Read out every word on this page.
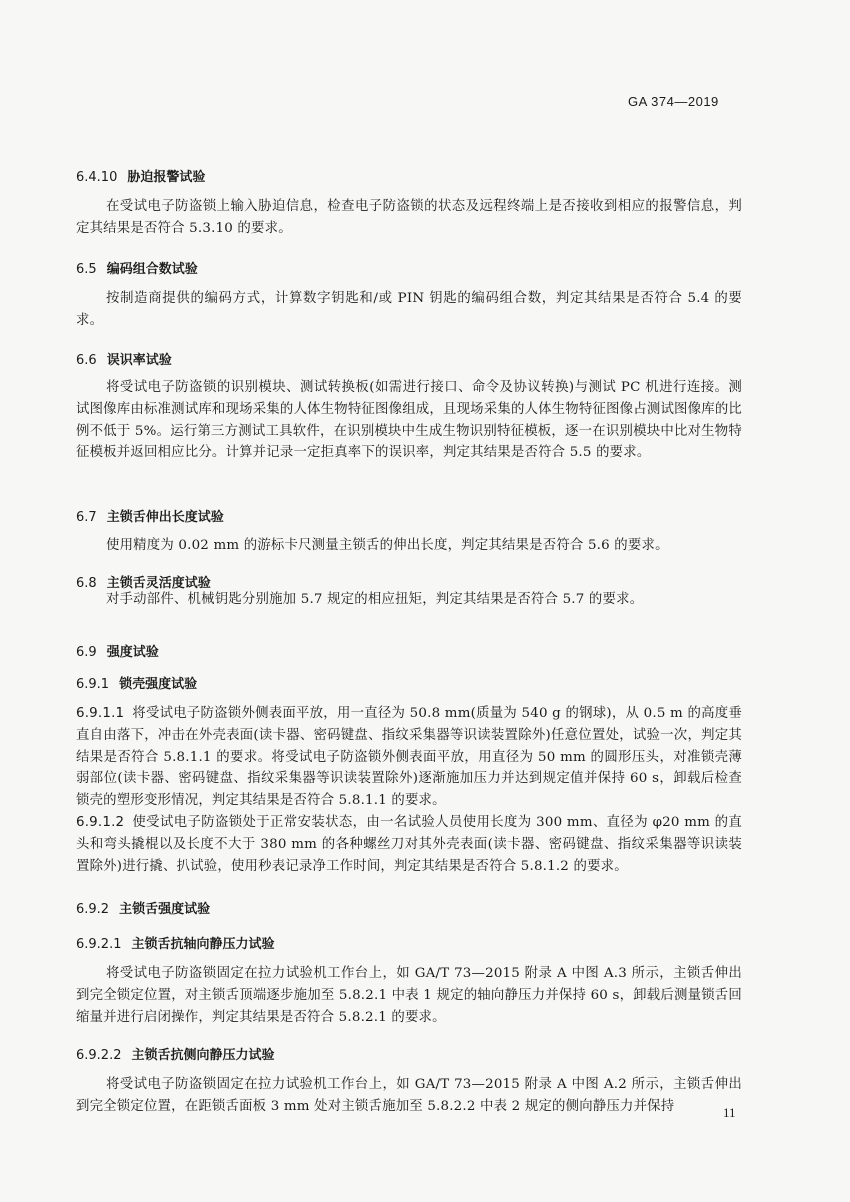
GA 374—2019
6.4.10 胁迫报警试验
在受试电子防盗锁上输入胁迫信息，检查电子防盗锁的状态及远程终端上是否接收到相应的报警信息，判定其结果是否符合 5.3.10 的要求。
6.5 编码组合数试验
按制造商提供的编码方式，计算数字钥匙和/或 PIN 钥匙的编码组合数，判定其结果是否符合 5.4 的要求。
6.6 误识率试验
将受试电子防盗锁的识别模块、测试转换板(如需进行接口、命令及协议转换)与测试 PC 机进行连接。测试图像库由标准测试库和现场采集的人体生物特征图像组成，且现场采集的人体生物特征图像占测试图像库的比例不低于 5%。运行第三方测试工具软件，在识别模块中生成生物识别特征模板，逐一在识别模块中比对生物特征模板并返回相应比分。计算并记录一定拒真率下的误识率，判定其结果是否符合 5.5 的要求。
6.7 主锁舌伸出长度试验
使用精度为 0.02 mm 的游标卡尺测量主锁舌的伸出长度，判定其结果是否符合 5.6 的要求。
6.8 主锁舌灵活度试验
对手动部件、机械钥匙分别施加 5.7 规定的相应扭矩，判定其结果是否符合 5.7 的要求。
6.9 强度试验
6.9.1 锁壳强度试验
6.9.1.1 将受试电子防盗锁外侧表面平放，用一直径为 50.8 mm(质量为 540 g 的钢球)，从 0.5 m 的高度垂直自由落下，冲击在外壳表面(读卡器、密码键盘、指纹采集器等识读装置除外)任意位置处，试验一次，判定其结果是否符合 5.8.1.1 的要求。将受试电子防盗锁外侧表面平放，用直径为 50 mm 的圆形压头，对准锁壳薄弱部位(读卡器、密码键盘、指纹采集器等识读装置除外)逐渐施加压力并达到规定值并保持 60 s，卸载后检查锁壳的塑形变形情况，判定其结果是否符合 5.8.1.1 的要求。
6.9.1.2 使受试电子防盗锁处于正常安装状态，由一名试验人员使用长度为 300 mm、直径为 φ20 mm 的直头和弯头撬棍以及长度不大于 380 mm 的各种螺丝刀对其外壳表面(读卡器、密码键盘、指纹采集器等识读装置除外)进行撬、扒试验，使用秒表记录净工作时间，判定其结果是否符合 5.8.1.2 的要求。
6.9.2 主锁舌强度试验
6.9.2.1 主锁舌抗轴向静压力试验
将受试电子防盗锁固定在拉力试验机工作台上，如 GA/T 73—2015 附录 A 中图 A.3 所示，主锁舌伸出到完全锁定位置，对主锁舌顶端逐步施加至 5.8.2.1 中表 1 规定的轴向静压力并保持 60 s，卸载后测量锁舌回缩量并进行启闭操作，判定其结果是否符合 5.8.2.1 的要求。
6.9.2.2 主锁舌抗侧向静压力试验
将受试电子防盗锁固定在拉力试验机工作台上，如 GA/T 73—2015 附录 A 中图 A.2 所示，主锁舌伸出到完全锁定位置，在距锁舌面板 3 mm 处对主锁舌施加至 5.8.2.2 中表 2 规定的侧向静压力并保持	11
